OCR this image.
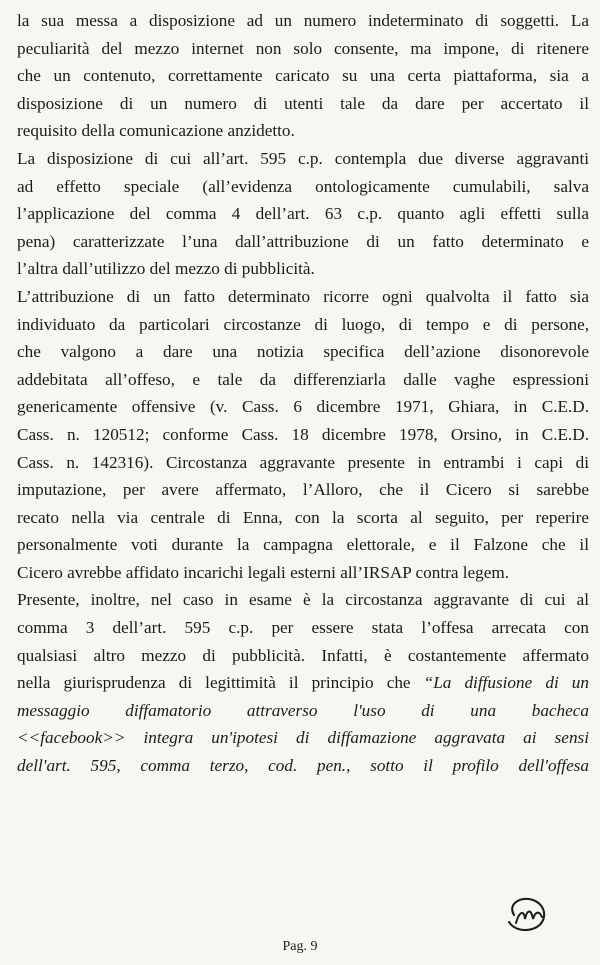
la sua messa a disposizione ad un numero indeterminato di soggetti. La
peculiarità del mezzo internet non solo consente, ma impone, di ritenere
che un contenuto, correttamente caricato su una certa piattaforma, sia a
disposizione di un numero di utenti tale da dare per accertato il
requisito della comunicazione anzidetto.

La disposizione di cui all’art. 595 c.p. contempla due diverse aggravanti
ad effetto speciale (all’evidenza ontologicamente cumulabili, salva
l’applicazione del comma 4 dell’art. 63 c.p. quanto agli effetti sulla
pena) caratterizzate l’una dall’attribuzione di un fatto determinato e
l’altra dall’utilizzo del mezzo di pubblicità.

L’attribuzione di un fatto determinato ricorre ogni qualvolta il fatto sia
individuato da particolari circostanze di luogo, di tempo e di persone,
che valgono a dare una notizia specifica dell’azione disonorevole
addebitata all’offeso, e tale da differenziarla dalle vaghe espressioni
genericamente offensive (v. Cass. 6 dicembre 1971, Ghiara, in C.E.D.
Cass. n. 120512; conforme Cass. 18 dicembre 1978, Orsino, in C.E.D.
Cass. n. 142316). Circostanza aggravante presente in entrambi i capi di
imputazione, per avere affermato, l’Alloro, che il Cicero si sarebbe
recato nella via centrale di Enna, con la scorta al seguito, per reperire
personalmente voti durante la campagna elettorale, e il Falzone che il
Cicero avrebbe affidato incarichi legali esterni all’IRSAP contra legem.

Presente, inoltre, nel caso in esame è la circostanza aggravante di cui al
comma 3 dell’art. 595 c.p. per essere stata l’offesa arrecata con
qualsiasi altro mezzo di pubblicità. Infatti, è costantemente affermato
nella giurisprudenza di legittimità il principio che “La diffusione di un
messaggio diffamatorio attraverso l'uso di una bacheca
<<facebook>> integra un'ipotesi di diffamazione aggravata ai sensi
dell'art. 595, comma terzo, cod. pen., sotto il profilo dell'offesa

Pag. 9
